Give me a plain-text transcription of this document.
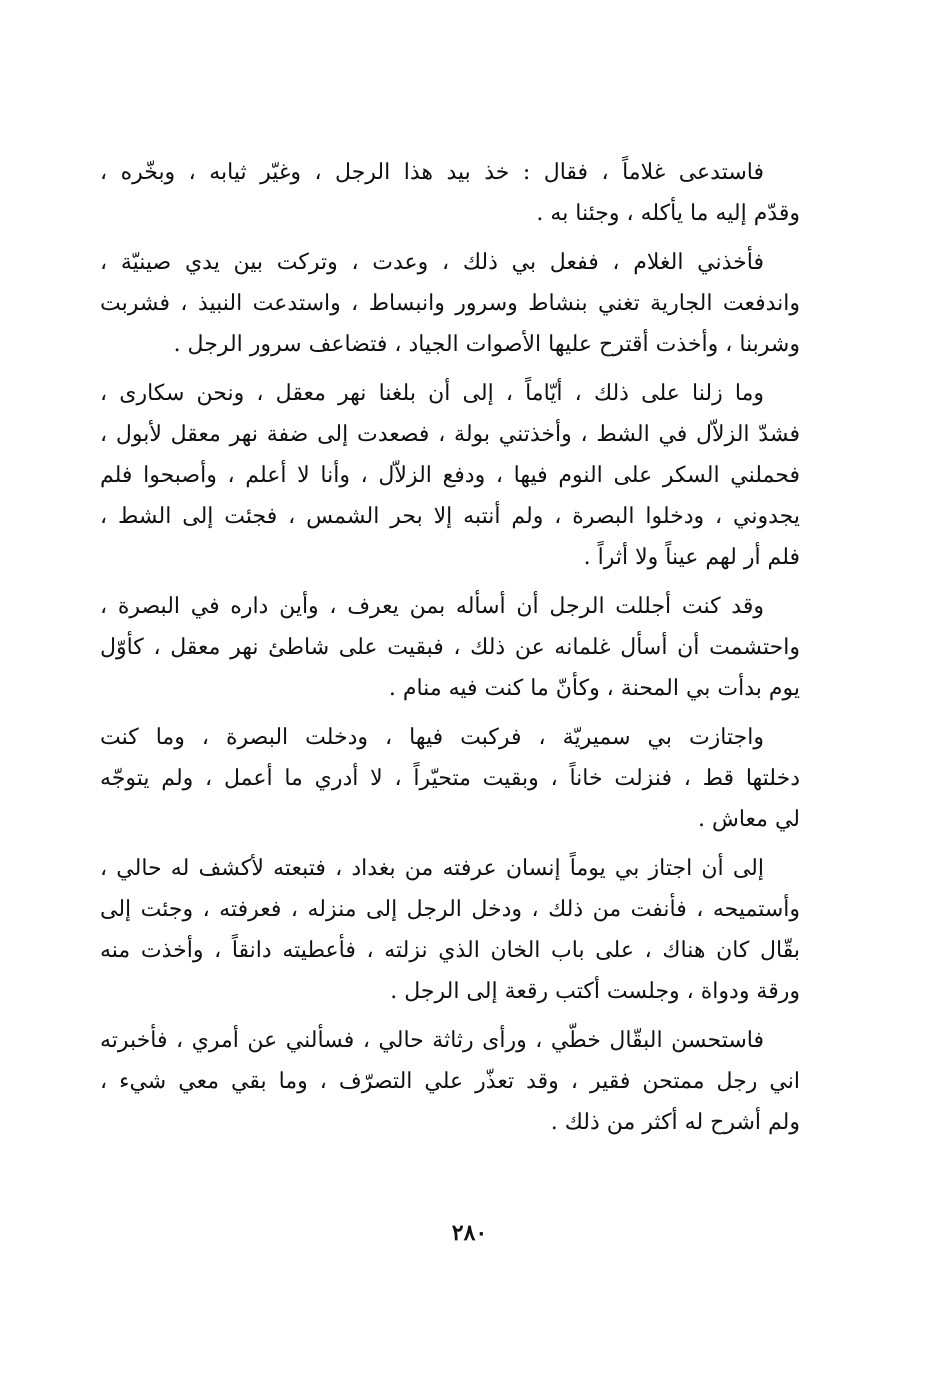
فاستدعى غلاماً ، فقال : خذ بيد هذا الرجل ، وغيّر ثيابه ، وبخّره ،
وقدّم إليه ما يأكله ، وجئنا به .
فأخذني الغلام ، ففعل بي ذلك ، وعدت ، وتركت بين يدي صينيّة ،
واندفعت الجارية تغني بنشاط وسرور وانبساط ، واستدعت النبيذ ، فشربت
وشربنا ، وأخذت أقترح عليها الأصوات الجياد ، فتضاعف سرور الرجل .
وما زلنا على ذلك ، أيّاماً ، إلى أن بلغنا نهر معقل ، ونحن سكارى ،
فشدّ الزلاّل في الشط ، وأخذتني بولة ، فصعدت إلى ضفة نهر معقل لأبول ،
فحملني السكر على النوم فيها ، ودفع الزلاّل ، وأنا لا أعلم ، وأصبحوا فلم
يجدوني ، ودخلوا البصرة ، ولم أنتبه إلا بحر الشمس ، فجئت إلى الشط ،
فلم أر لهم عيناً ولا أثراً .
وقد كنت أجللت الرجل أن أسأله بمن يعرف ، وأين داره في البصرة ،
واحتشمت أن أسأل غلمانه عن ذلك ، فبقيت على شاطئ نهر معقل ، كأوّل
يوم بدأت بي المحنة ، وكأنّ ما كنت فيه منام .
واجتازت بي سميريّة ، فركبت فيها ، ودخلت البصرة ، وما كنت
دخلتها قط ، فنزلت خاناً ، وبقيت متحيّراً ، لا أدري ما أعمل ، ولم يتوجّه
لي معاش .
إلى أن اجتاز بي يوماً إنسان عرفته من بغداد ، فتبعته لأكشف له حالي ،
وأستميحه ، فأنفت من ذلك ، ودخل الرجل إلى منزله ، فعرفته ، وجئت إلى
بقّال كان هناك ، على باب الخان الذي نزلته ، فأعطيته دانقاً ، وأخذت منه
ورقة ودواة ، وجلست أكتب رقعة إلى الرجل .
فاستحسن البقّال خطّي ، ورأى رثاثة حالي ، فسألني عن أمري ، فأخبرته
اني رجل ممتحن فقير ، وقد تعذّر علي التصرّف ، وما بقي معي شيء ،
ولم أشرح له أكثر من ذلك .
٢٨٠
